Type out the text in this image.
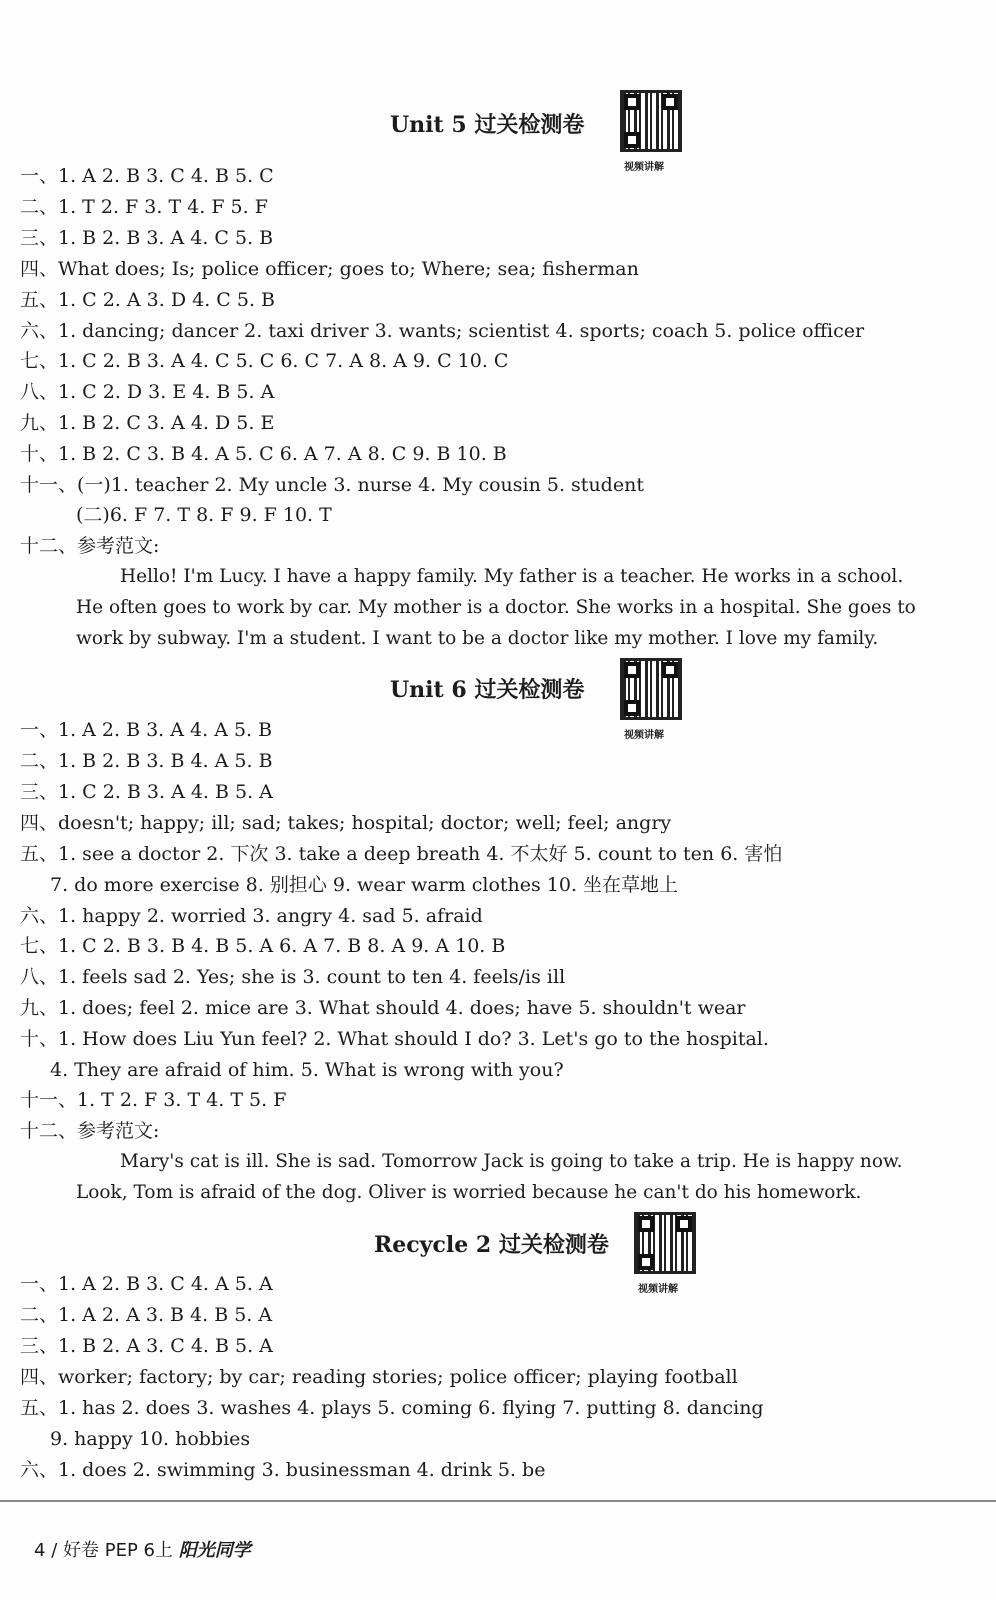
Unit 5 过关检测卷
视频讲解
一、1. A 2. B 3. C 4. B 5. C
二、1. T 2. F 3. T 4. F 5. F
三、1. B 2. B 3. A 4. C 5. B
四、What does; Is; police officer; goes to; Where; sea; fisherman
五、1. C 2. A 3. D 4. C 5. B
六、1. dancing; dancer 2. taxi driver 3. wants; scientist 4. sports; coach 5. police officer
七、1. C 2. B 3. A 4. C 5. C 6. C 7. A 8. A 9. C 10. C
八、1. C 2. D 3. E 4. B 5. A
九、1. B 2. C 3. A 4. D 5. E
十、1. B 2. C 3. B 4. A 5. C 6. A 7. A 8. C 9. B 10. B
十一、(一)1. teacher 2. My uncle 3. nurse 4. My cousin 5. student
(二)6. F 7. T 8. F 9. F 10. T
十二、参考范文:
Hello! I'm Lucy. I have a happy family. My father is a teacher. He works in a school.
He often goes to work by car. My mother is a doctor. She works in a hospital. She goes to
work by subway. I'm a student. I want to be a doctor like my mother. I love my family.
Unit 6 过关检测卷
视频讲解
一、1. A 2. B 3. A 4. A 5. B
二、1. B 2. B 3. B 4. A 5. B
三、1. C 2. B 3. A 4. B 5. A
四、doesn't; happy; ill; sad; takes; hospital; doctor; well; feel; angry
五、1. see a doctor 2. 下次 3. take a deep breath 4. 不太好 5. count to ten 6. 害怕
7. do more exercise 8. 别担心 9. wear warm clothes 10. 坐在草地上
六、1. happy 2. worried 3. angry 4. sad 5. afraid
七、1. C 2. B 3. B 4. B 5. A 6. A 7. B 8. A 9. A 10. B
八、1. feels sad 2. Yes; she is 3. count to ten 4. feels/is ill
九、1. does; feel 2. mice are 3. What should 4. does; have 5. shouldn't wear
十、1. How does Liu Yun feel? 2. What should I do? 3. Let's go to the hospital.
4. They are afraid of him. 5. What is wrong with you?
十一、1. T 2. F 3. T 4. T 5. F
十二、参考范文:
Mary's cat is ill. She is sad. Tomorrow Jack is going to take a trip. He is happy now.
Look, Tom is afraid of the dog. Oliver is worried because he can't do his homework.
Recycle 2 过关检测卷
视频讲解
一、1. A 2. B 3. C 4. A 5. A
二、1. A 2. A 3. B 4. B 5. A
三、1. B 2. A 3. C 4. B 5. A
四、worker; factory; by car; reading stories; police officer; playing football
五、1. has 2. does 3. washes 4. plays 5. coming 6. flying 7. putting 8. dancing
9. happy 10. hobbies
六、1. does 2. swimming 3. businessman 4. drink 5. be
4 / 好卷 PEP 6上 阳光同学
